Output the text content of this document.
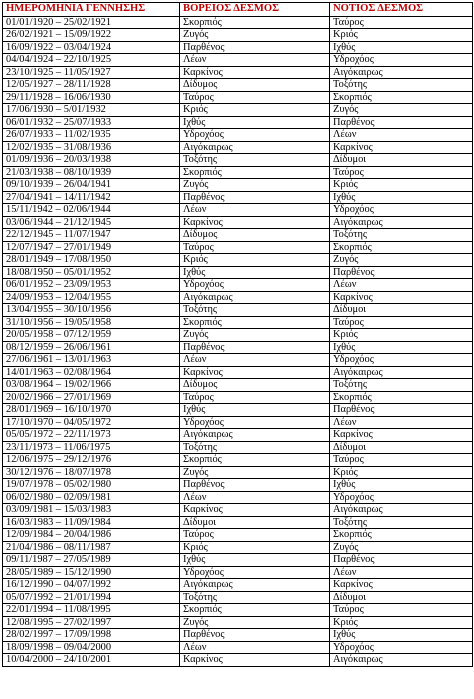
ΗΜΕΡΟΜΗΝΙΑ ΓΕΝΝΗΣΗΣ	ΒΟΡΕΙΟΣ ΔΕΣΜΟΣ	ΝΟΤΙΟΣ ΔΕΣΜΟΣ
01/01/1920 – 25/02/1921	Σκορπιός	Ταύρος
26/02/1921 – 15/09/1922	Ζυγός	Κριός
16/09/1922 – 03/04/1924	Παρθένος	Ιχθύς
04/04/1924 – 22/10/1925	Λέων	Υδροχόος
23/10/1925 – 11/05/1927	Καρκίνος	Αιγόκαιρως
12/05/1927 – 28/11/1928	Δίδυμος	Τοξότης
29/11/1928 – 16/06/1930	Ταύρος	Σκορπιός
17/06/1930 – 5/01/1932	Κριός	Ζυγός
06/01/1932 – 25/07/1933	Ιχθύς	Παρθένος
26/07/1933 – 11/02/1935	Υδροχόος	Λέων
12/02/1935 – 31/08/1936	Αιγόκαιρως	Καρκίνος
01/09/1936 – 20/03/1938	Τοξότης	Δίδυμοι
21/03/1938 – 08/10/1939	Σκορπιός	Ταύρος
09/10/1939 – 26/04/1941	Ζυγός	Κριός
27/04/1941 – 14/11/1942	Παρθένος	Ιχθύς
15/11/1942 – 02/06/1944	Λέων	Υδροχόος
03/06/1944 – 21/12/1945	Καρκίνος	Αιγόκαιρως
22/12/1945 – 11/07/1947	Δίδυμος	Τοξότης
12/07/1947 – 27/01/1949	Ταύρος	Σκορπιός
28/01/1949 – 17/08/1950	Κριός	Ζυγός
18/08/1950 – 05/01/1952	Ιχθύς	Παρθένος
06/01/1952 – 23/09/1953	Υδροχόος	Λέων
24/09/1953 – 12/04/1955	Αιγόκαιρως	Καρκίνος
13/04/1955 – 30/10/1956	Τοξότης	Δίδυμοι
31/10/1956 – 19/05/1958	Σκορπιός	Ταύρος
20/05/1958 – 07/12/1959	Ζυγός	Κριός
08/12/1959 – 26/06/1961	Παρθένος	Ιχθύς
27/06/1961 – 13/01/1963	Λέων	Υδροχόος
14/01/1963 – 02/08/1964	Καρκίνος	Αιγόκαιρως
03/08/1964 – 19/02/1966	Δίδυμος	Τοξότης
20/02/1966 – 27/01/1969	Ταύρος	Σκορπιός
28/01/1969 – 16/10/1970	Ιχθύς	Παρθένος
17/10/1970 – 04/05/1972	Υδροχόος	Λέων
05/05/1972 – 22/11/1973	Αιγόκαιρως	Καρκίνος
23/11/1973 – 11/06/1975	Τοξότης	Δίδυμοι
12/06/1975 – 29/12/1976	Σκορπιός	Ταύρος
30/12/1976 – 18/07/1978	Ζυγός	Κριός
19/07/1978 – 05/02/1980	Παρθένος	Ιχθύς
06/02/1980 – 02/09/1981	Λέων	Υδροχόος
03/09/1981 – 15/03/1983	Καρκίνος	Αιγόκαιρως
16/03/1983 – 11/09/1984	Δίδυμοι	Τοξότης
12/09/1984 – 20/04/1986	Ταύρος	Σκορπιός
21/04/1986 – 08/11/1987	Κριός	Ζυγός
09/11/1987 – 27/05/1989	Ιχθύς	Παρθένος
28/05/1989 – 15/12/1990	Υδροχόος	Λέων
16/12/1990 – 04/07/1992	Αιγόκαιρως	Καρκίνος
05/07/1992 – 21/01/1994	Τοξότης	Δίδυμοι
22/01/1994 – 11/08/1995	Σκορπιός	Ταύρος
12/08/1995 – 27/02/1997	Ζυγός	Κριός
28/02/1997 – 17/09/1998	Παρθένος	Ιχθύς
18/09/1998 – 09/04/2000	Λέων	Υδροχόος
10/04/2000 – 24/10/2001	Καρκίνος	Αιγόκαιρως
